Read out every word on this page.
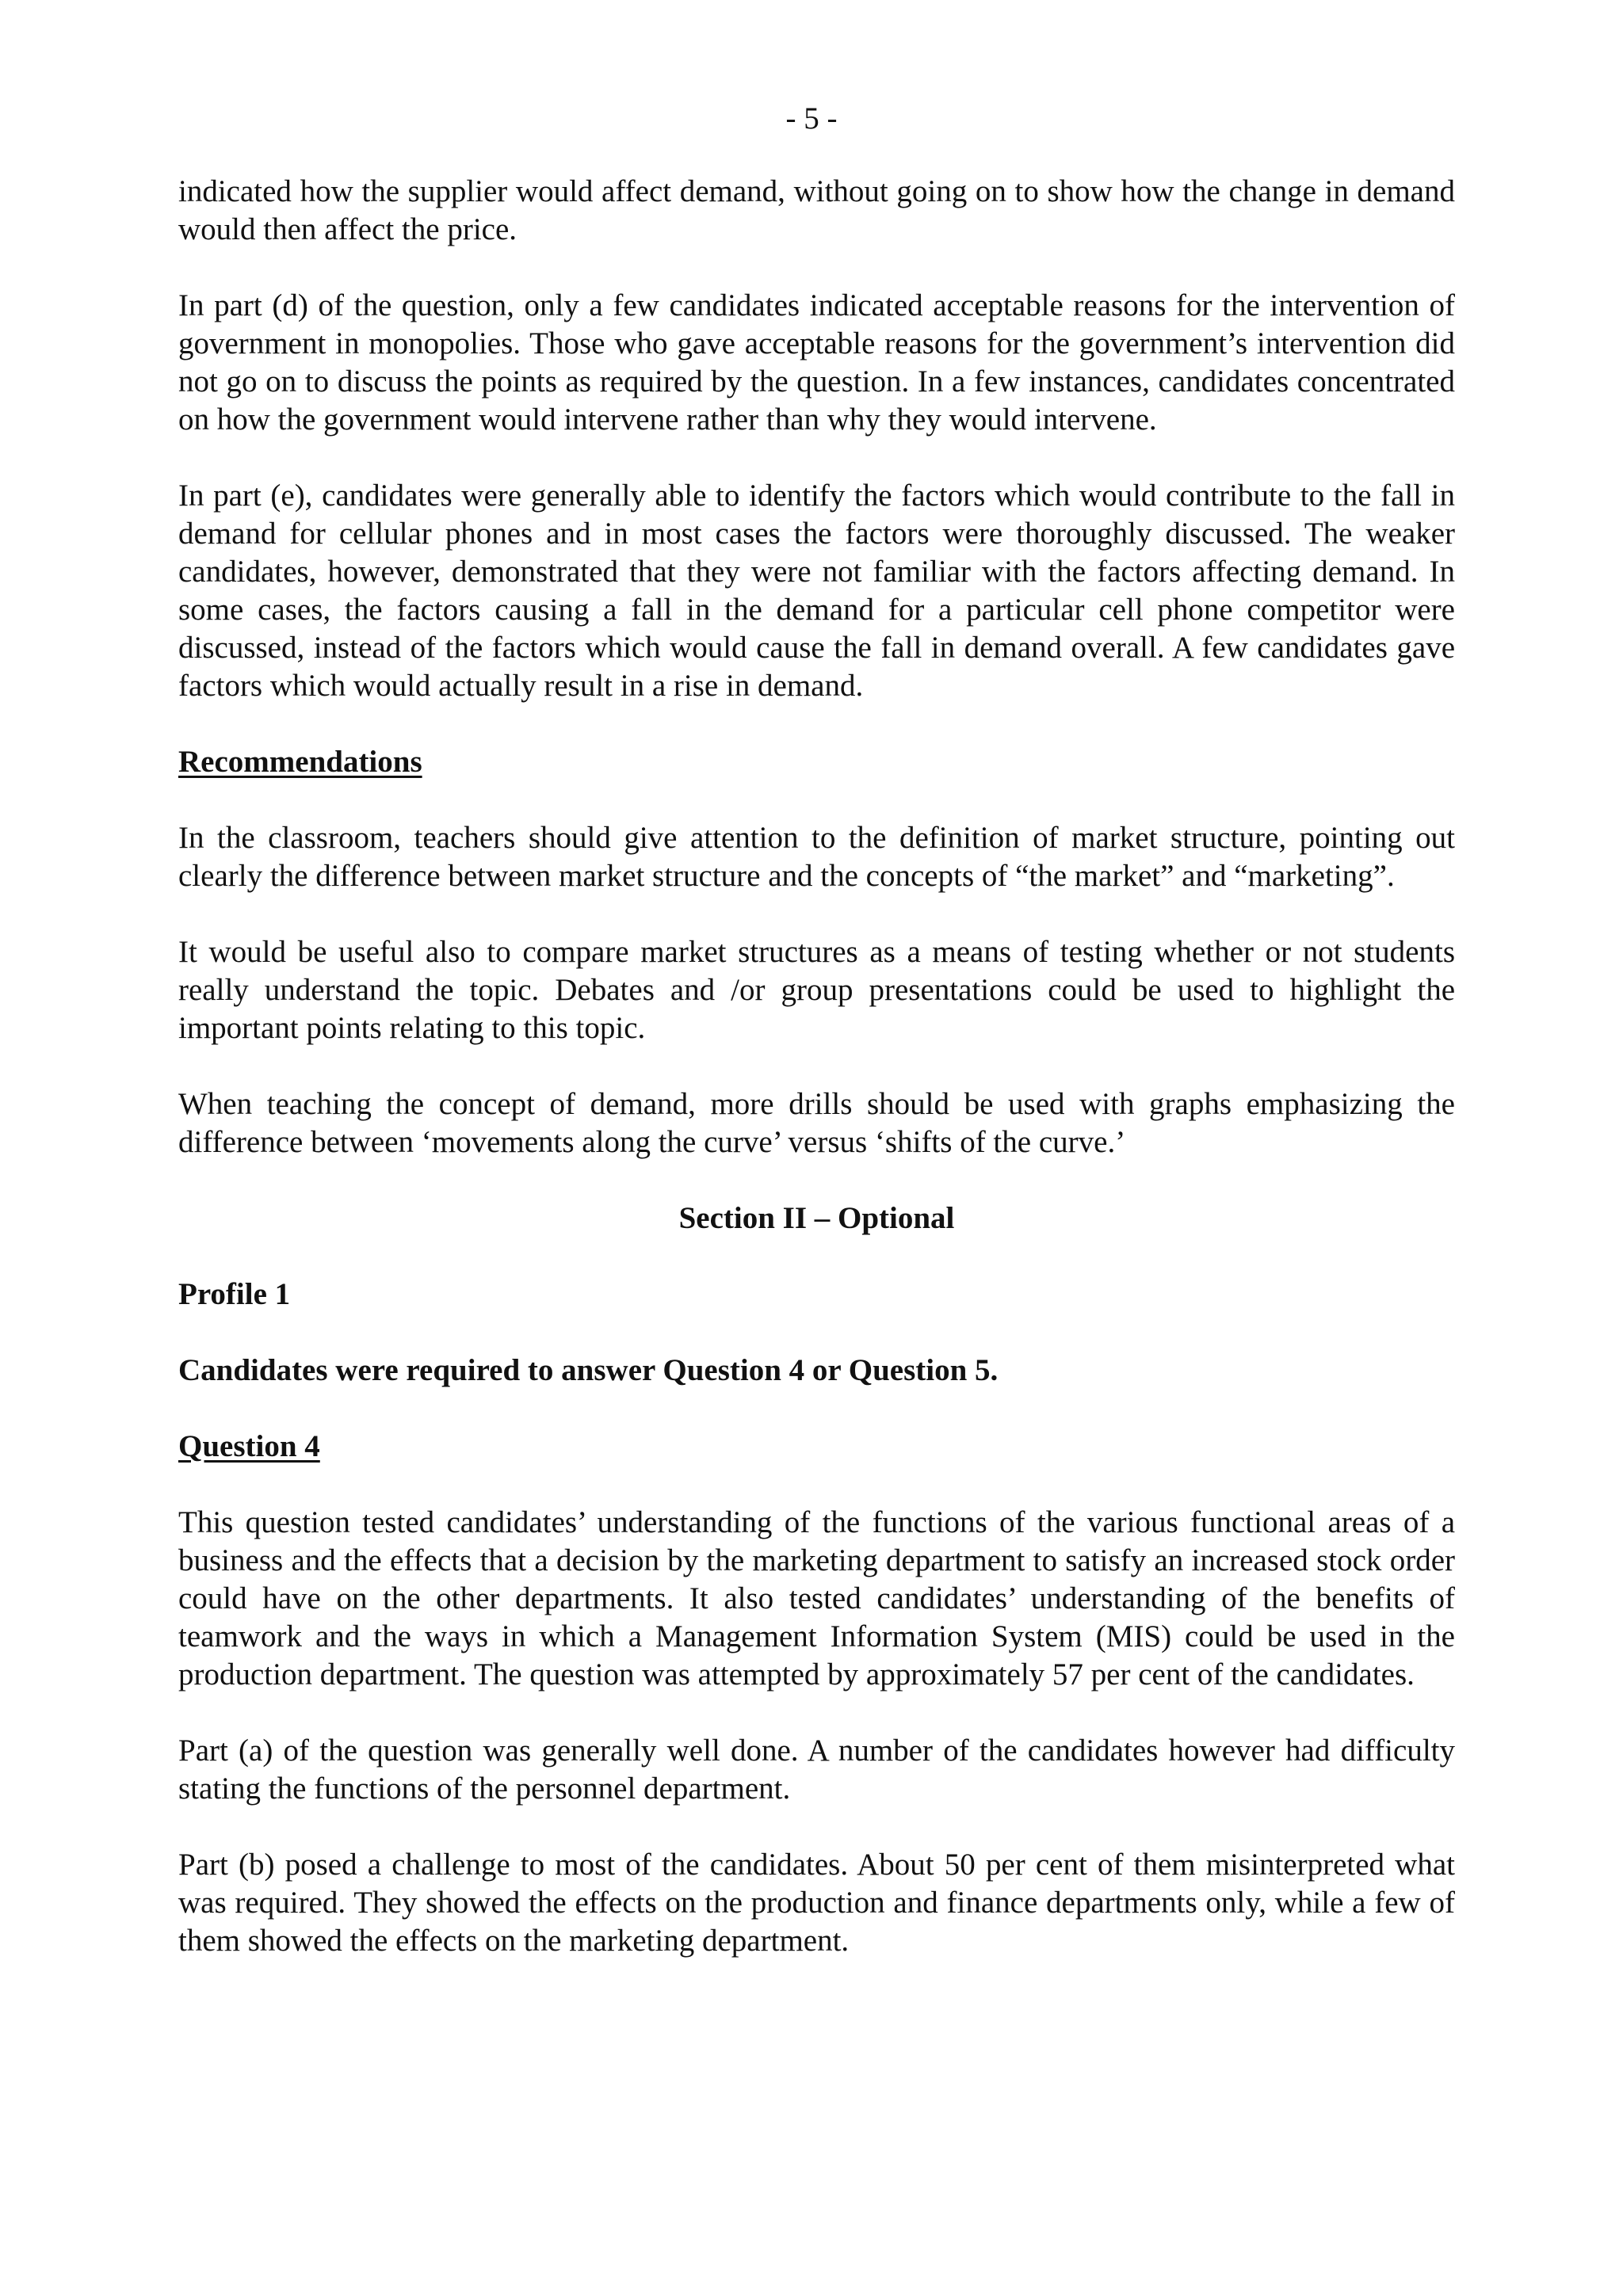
- 5 -

indicated how the supplier would affect demand, without going on to show how the change in demand would then affect the price.

In part (d) of the question, only a few candidates indicated acceptable reasons for the intervention of government in monopolies. Those who gave acceptable reasons for the government’s intervention did not go on to discuss the points as required by the question. In a few instances, candidates concentrated on how the government would intervene rather than why they would intervene.

In part (e), candidates were generally able to identify the factors which would contribute to the fall in demand for cellular phones and in most cases the factors were thoroughly discussed. The weaker candidates, however, demonstrated that they were not familiar with the factors affecting demand. In some cases, the factors causing a fall in the demand for a particular cell phone competitor were discussed, instead of the factors which would cause the fall in demand overall. A few candidates gave factors which would actually result in a rise in demand.

Recommendations

In the classroom, teachers should give attention to the definition of market structure, pointing out clearly the difference between market structure and the concepts of “the market” and “marketing”.

It would be useful also to compare market structures as a means of testing whether or not students really understand the topic. Debates and /or group presentations could be used to highlight the important points relating to this topic.

When teaching the concept of demand, more drills should be used with graphs emphasizing the difference between ‘movements along the curve’ versus ‘shifts of the curve.’

Section II – Optional
Profile 1
Candidates were required to answer Question 4 or Question 5.
Question 4

This question tested candidates’ understanding of the functions of the various functional areas of a business and the effects that a decision by the marketing department to satisfy an increased stock order could have on the other departments. It also tested candidates’ understanding of the benefits of teamwork and the ways in which a Management Information System (MIS) could be used in the production department. The question was attempted by approximately 57 per cent of the candidates.

Part (a) of the question was generally well done. A number of the candidates however had difficulty stating the functions of the personnel department.

Part (b) posed a challenge to most of the candidates. About 50 per cent of them misinterpreted what was required. They showed the effects on the production and finance departments only, while a few of them showed the effects on the marketing department.
